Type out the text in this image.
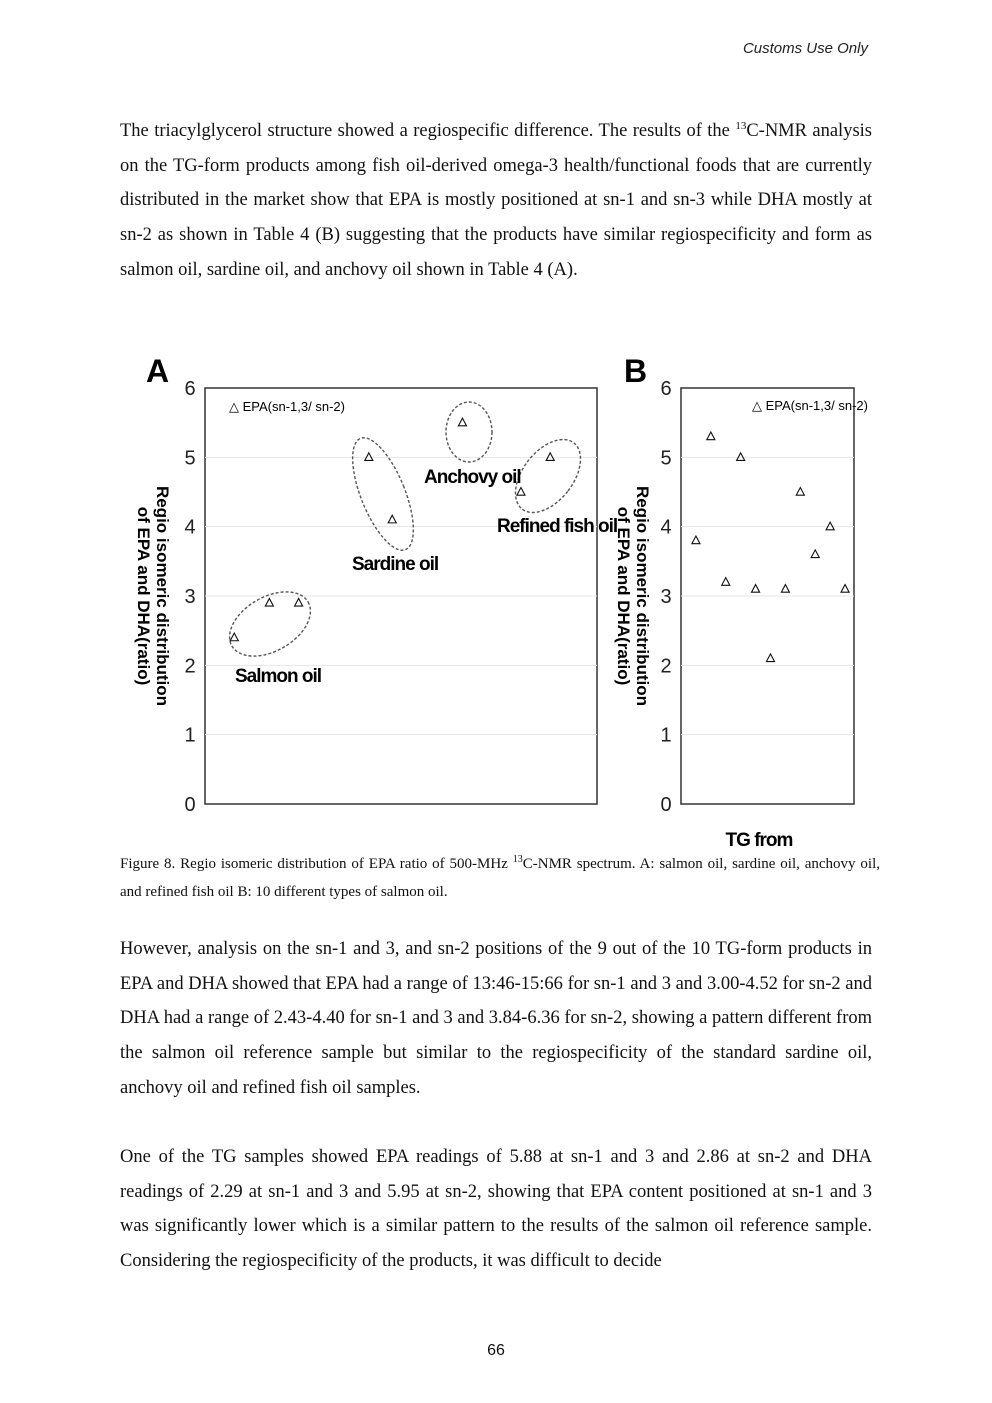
Customs Use Only

The triacylglycerol structure showed a regiospecific difference. The results of the $^{13}$C-NMR analysis on the TG-form products among fish oil-derived omega-3 health/functional foods that are currently distributed in the market show that EPA is mostly positioned at sn-1 and sn-3 while DHA mostly at sn-2 as shown in Table 4 (B) suggesting that the products have similar regiospecificity and form as salmon oil, sardine oil, and anchovy oil shown in Table 4 (A).

A
0
1
2
3
4
5
6
Regio isomeric distribution
of EPA and DHA(ratio)
△ EPA(sn-1,3/ sn-2)
Salmon oil
Sardine oil
Anchovy oil
Refined fish oil
B
0
1
2
3
4
5
6
Regio isomeric distribution
of EPA and DHA(ratio)
△ EPA(sn-1,3/ sn-2)
TG from
Figure 8. Regio isomeric distribution of EPA ratio of 500-MHz $^{13}$C-NMR spectrum. A: salmon oil, sardine oil, anchovy oil, and refined fish oil B: 10 different types of salmon oil.

However, analysis on the sn-1 and 3, and sn-2 positions of the 9 out of the 10 TG-form products in EPA and DHA showed that EPA had a range of 13:46-15:66 for sn-1 and 3 and 3.00-4.52 for sn-2 and DHA had a range of 2.43-4.40 for sn-1 and 3 and 3.84-6.36 for sn-2, showing a pattern different from the salmon oil reference sample but similar to the regiospecificity of the standard sardine oil, anchovy oil and refined fish oil samples.

One of the TG samples showed EPA readings of 5.88 at sn-1 and 3 and 2.86 at sn-2 and DHA readings of 2.29 at sn-1 and 3 and 5.95 at sn-2, showing that EPA content positioned at sn-1 and 3 was significantly lower which is a similar pattern to the results of the salmon oil reference sample. Considering the regiospecificity of the products, it was difficult to decide

66
